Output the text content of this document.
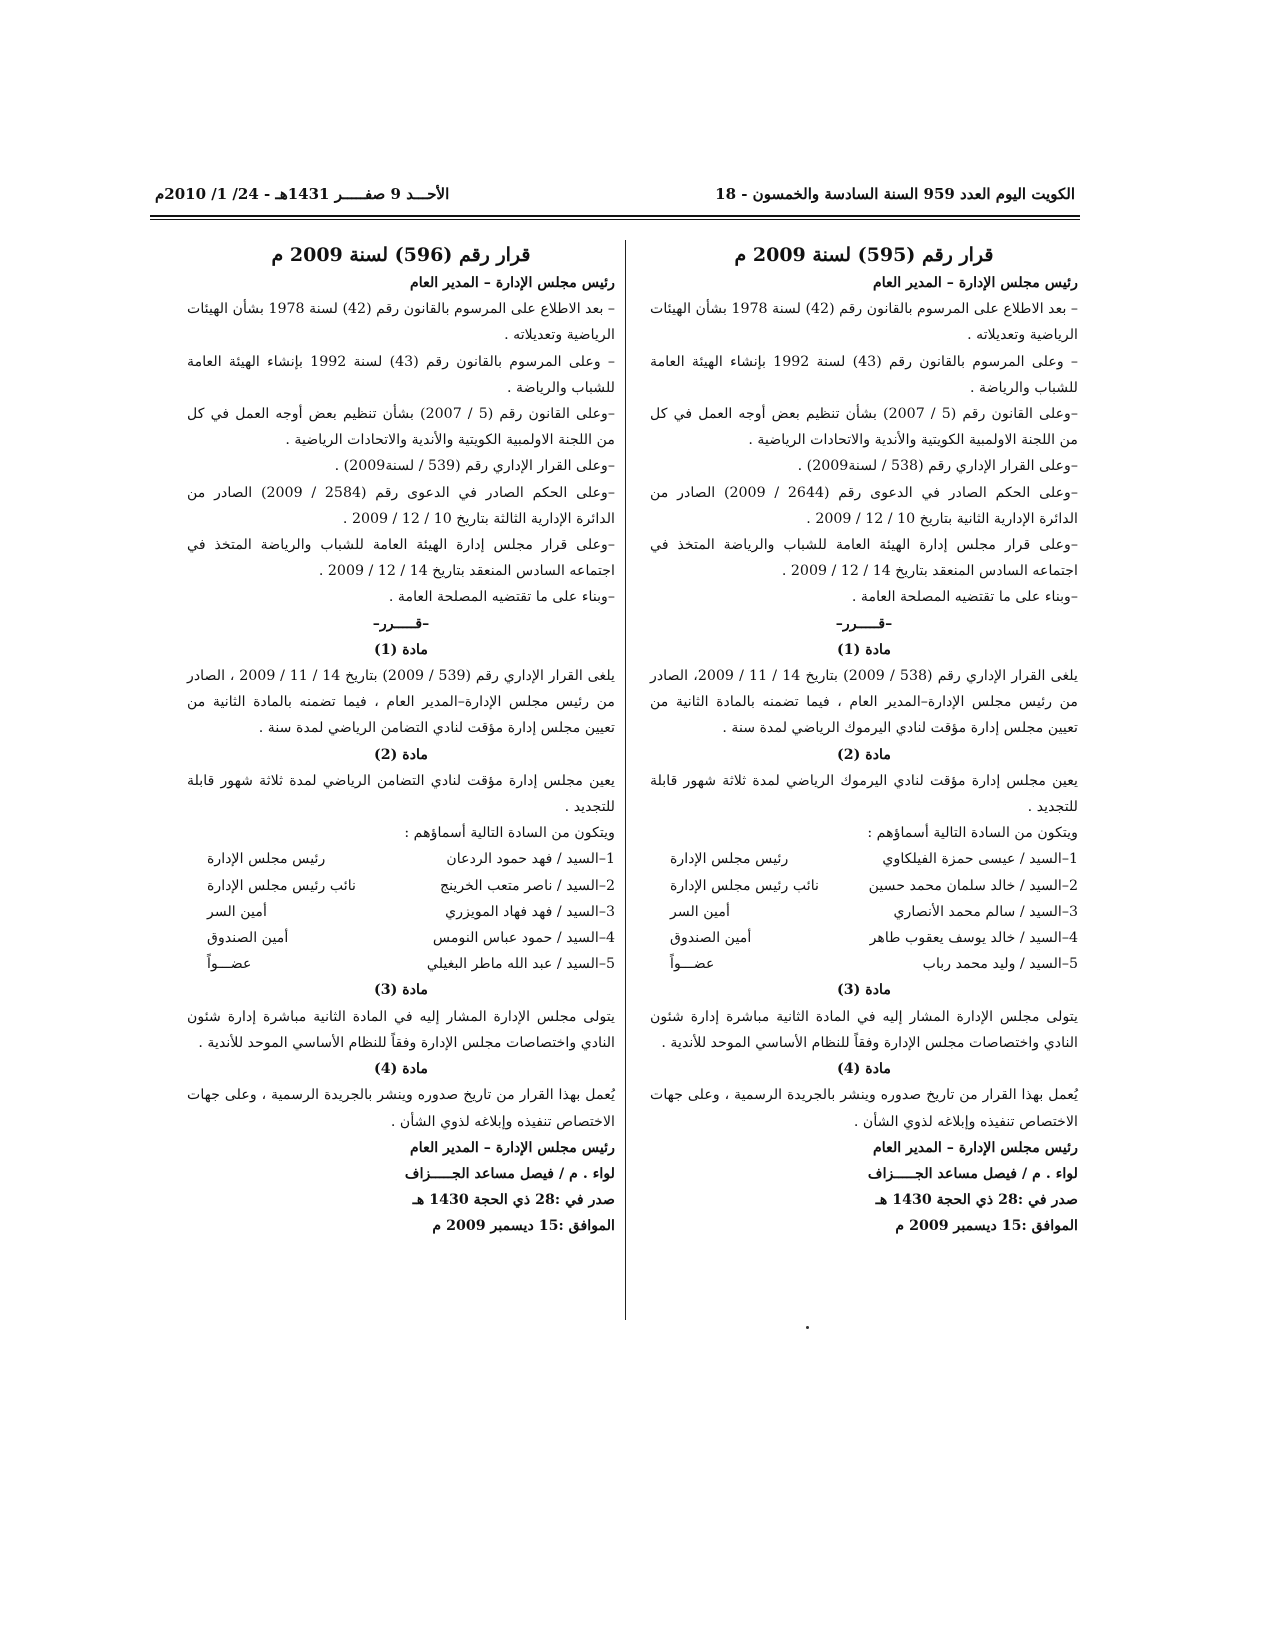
الكويت اليوم العدد 959 السنة السادسة والخمسون - 18
الأحـــد 9 صفـــــر 1431هـ - 24/ 1/ 2010م

قرار رقم (595) لسنة 2009 م

رئيس مجلس الإدارة – المدير العام

– بعد الاطلاع على المرسوم بالقانون رقم (42) لسنة 1978 بشأن الهيئات الرياضية وتعديلاته .

– وعلى المرسوم بالقانون رقم (43) لسنة 1992 بإنشاء الهيئة العامة للشباب والرياضة .

–وعلى القانون رقم (5 / 2007) بشأن تنظيم بعض أوجه العمل في كل من اللجنة الاولمبية الكويتية والأندية والاتحادات الرياضية .

–وعلى القرار الإداري رقم (538 / لسنة2009) .

–وعلى الحكم الصادر في الدعوى رقم (2644 / 2009) الصادر من الدائرة الإدارية الثانية بتاريخ 10 / 12 / 2009 .

–وعلى قرار مجلس إدارة الهيئة العامة للشباب والرياضة المتخذ في اجتماعه السادس المنعقد بتاريخ 14 / 12 / 2009 .

–وبناء على ما تقتضيه المصلحة العامة .

–قـــــرر–

مادة (1)

يلغى القرار الإداري رقم (538 / 2009) بتاريخ 14 / 11 / 2009، الصادر من رئيس مجلس الإدارة–المدير العام ، فيما تضمنه بالمادة الثانية من تعيين مجلس إدارة مؤقت لنادي اليرموك الرياضي لمدة سنة .

مادة (2)

يعين مجلس إدارة مؤقت لنادي اليرموك الرياضي لمدة ثلاثة شهور قابلة للتجديد .

ويتكون من السادة التالية أسماؤهم :

1–السيد / عيسى حمزة الفيلكاوي
رئيس مجلس الإدارة
2–السيد / خالد سلمان محمد حسين
نائب رئيس مجلس الإدارة
3–السيد / سالم محمد الأنصاري
أمين السر
4–السيد / خالد يوسف يعقوب طاهر
أمين الصندوق
5–السيد / وليد محمد رباب
عضـــواً

مادة (3)

يتولى مجلس الإدارة المشار إليه في المادة الثانية مباشرة إدارة شئون النادي واختصاصات مجلس الإدارة وفقاً للنظام الأساسي الموحد للأندية .

مادة (4)

يُعمل بهذا القرار من تاريخ صدوره وينشر بالجريدة الرسمية ، وعلى جهات الاختصاص تنفيذه وإبلاغه لذوي الشأن .

رئيس مجلس الإدارة – المدير العام

لواء . م / فيصل مساعد الجـــــزاف

صدر في :28 ذي الحجة 1430 هـ

الموافق :15 ديسمبر 2009 م

قرار رقم (596) لسنة 2009 م

رئيس مجلس الإدارة – المدير العام

– بعد الاطلاع على المرسوم بالقانون رقم (42) لسنة 1978 بشأن الهيئات الرياضية وتعديلاته .

– وعلى المرسوم بالقانون رقم (43) لسنة 1992 بإنشاء الهيئة العامة للشباب والرياضة .

–وعلى القانون رقم (5 / 2007) بشأن تنظيم بعض أوجه العمل في كل من اللجنة الاولمبية الكويتية والأندية والاتحادات الرياضية .

–وعلى القرار الإداري رقم (539 / لسنة2009) .

–وعلى الحكم الصادر في الدعوى رقم (2584 / 2009) الصادر من الدائرة الإدارية الثالثة بتاريخ 10 / 12 / 2009 .

–وعلى قرار مجلس إدارة الهيئة العامة للشباب والرياضة المتخذ في اجتماعه السادس المنعقد بتاريخ 14 / 12 / 2009 .

–وبناء على ما تقتضيه المصلحة العامة .

–قـــــرر–

مادة (1)

يلغى القرار الإداري رقم (539 / 2009) بتاريخ 14 / 11 / 2009 ، الصادر من رئيس مجلس الإدارة–المدير العام ، فيما تضمنه بالمادة الثانية من تعيين مجلس إدارة مؤقت لنادي التضامن الرياضي لمدة سنة .

مادة (2)

يعين مجلس إدارة مؤقت لنادي التضامن الرياضي لمدة ثلاثة شهور قابلة للتجديد .

ويتكون من السادة التالية أسماؤهم :

1–السيد / فهد حمود الردعان
رئيس مجلس الإدارة
2–السيد / ناصر متعب الخرينج
نائب رئيس مجلس الإدارة
3–السيد / فهد فهاد المويزري
أمين السر
4–السيد / حمود عباس النومس
أمين الصندوق
5–السيد / عبد الله ماطر البغيلي
عضـــواً

مادة (3)

يتولى مجلس الإدارة المشار إليه في المادة الثانية مباشرة إدارة شئون النادي واختصاصات مجلس الإدارة وفقاً للنظام الأساسي الموحد للأندية .

مادة (4)

يُعمل بهذا القرار من تاريخ صدوره وينشر بالجريدة الرسمية ، وعلى جهات الاختصاص تنفيذه وإبلاغه لذوي الشأن .

رئيس مجلس الإدارة – المدير العام

لواء . م / فيصل مساعد الجـــــزاف

صدر في :28 ذي الحجة 1430 هـ

الموافق :15 ديسمبر 2009 م
